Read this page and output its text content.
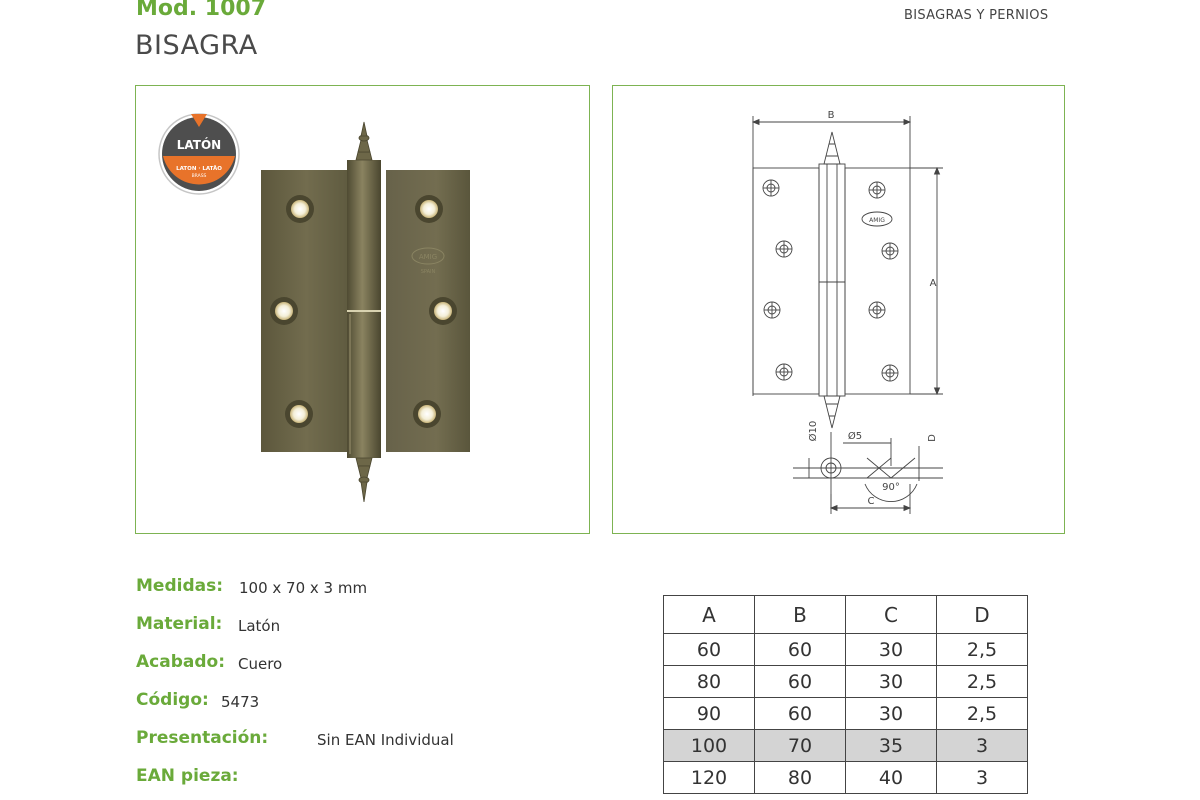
Mod. 1007
BISAGRA
BISAGRAS Y PERNIOS
LATÓN
LATON · LATÃO
BRASS
AMIG
SPAIN
B
A
AMIG
90°
Ø10	Ø5	D
C
Medidas: 100 x 70 x 3 mm
Material: Latón
Acabado: Cuero
Código: 5473
Presentación:	Sin EAN Individual
EAN pieza:
A	B	C	D
60	60	30	2,5
80	60	30	2,5
90	60	30	2,5
100	70	35	3
120	80	40	3
